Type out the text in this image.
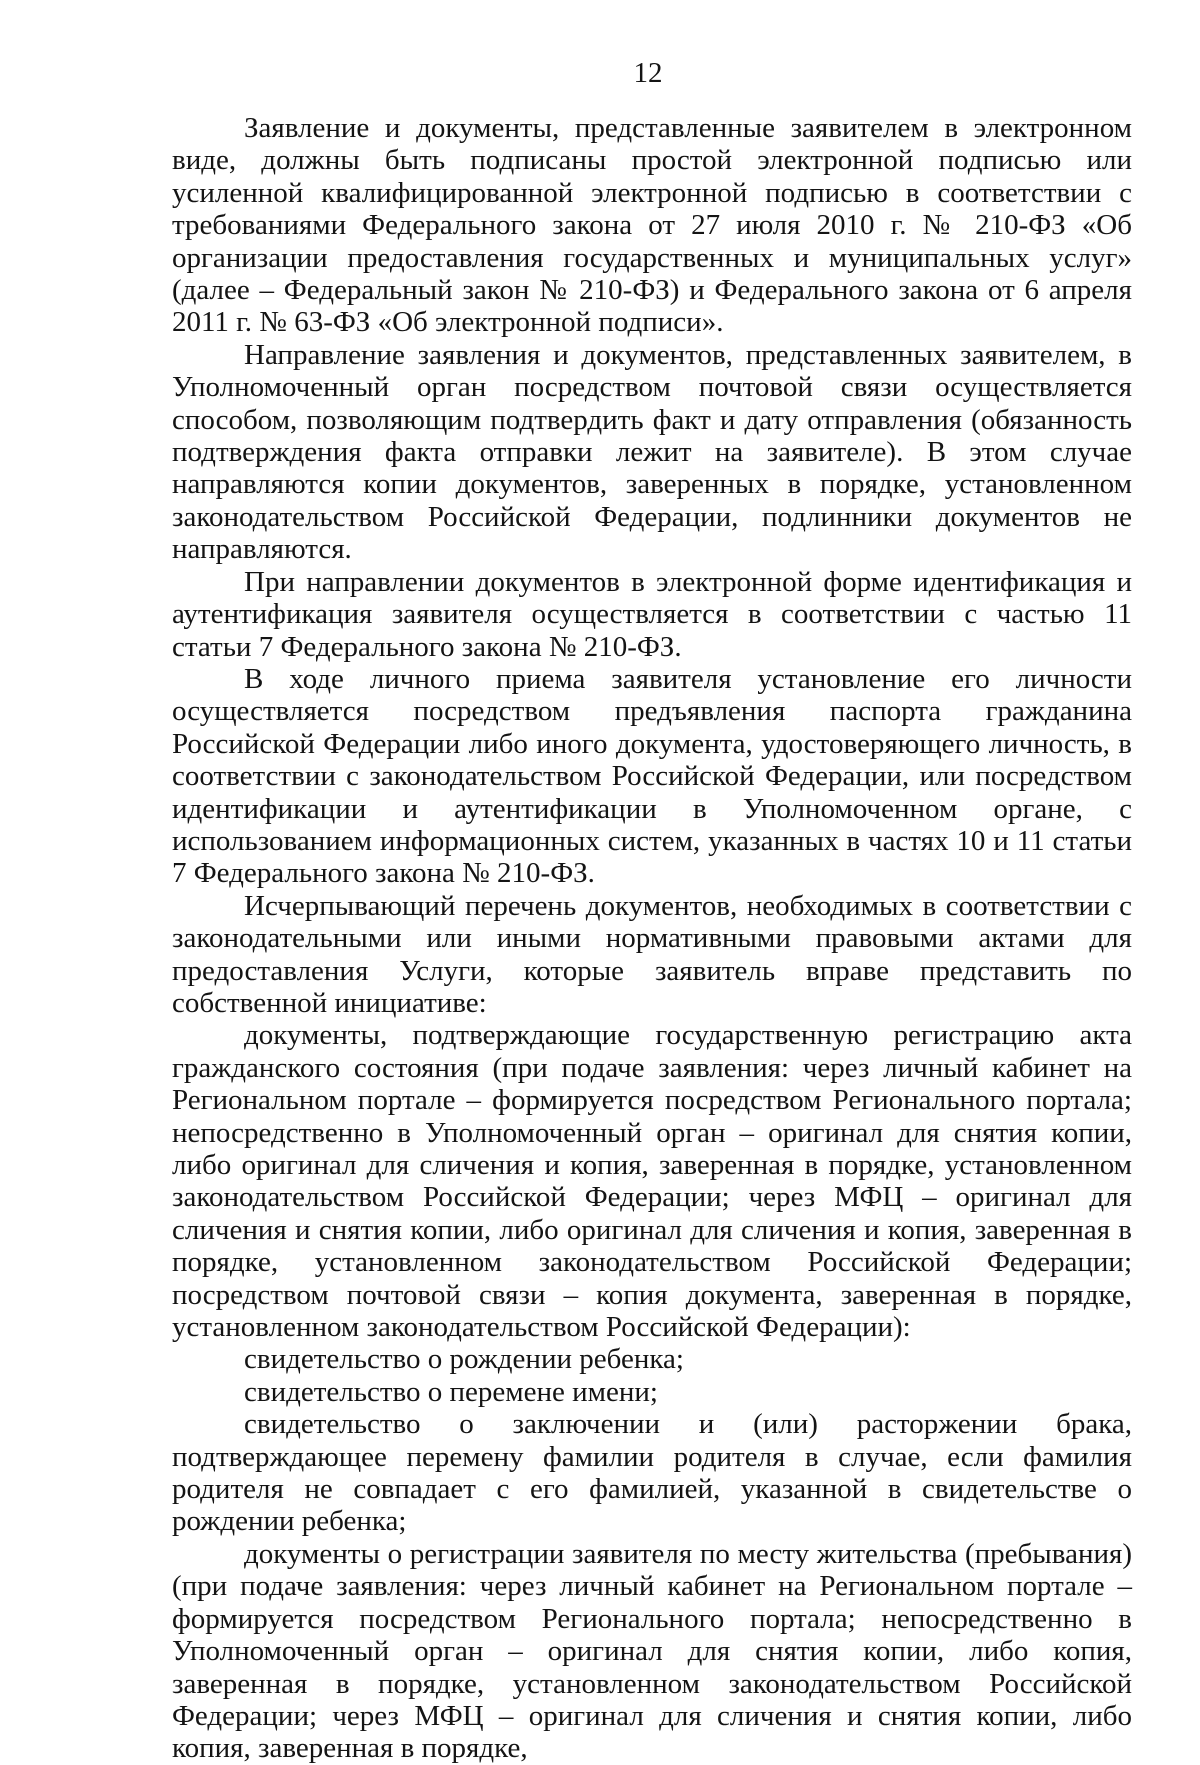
12

Заявление и документы, представленные заявителем в электронном виде, должны быть подписаны простой электронной подписью или усиленной квалифицированной электронной подписью в соответствии с требованиями Федерального закона от 27 июля 2010 г. № 210-ФЗ «Об организации предоставления государственных и муниципальных услуг» (далее – Федеральный закон № 210-ФЗ) и Федерального закона от 6 апреля 2011 г. № 63-ФЗ «Об электронной подписи».

Направление заявления и документов, представленных заявителем, в Уполномоченный орган посредством почтовой связи осуществляется способом, позволяющим подтвердить факт и дату отправления (обязанность подтверждения факта отправки лежит на заявителе). В этом случае направляются копии документов, заверенных в порядке, установленном законодательством Российской Федерации, подлинники документов не направляются.

При направлении документов в электронной форме идентификация и аутентификация заявителя осуществляется в соответствии с частью 11 статьи 7 Федерального закона № 210-ФЗ.

В ходе личного приема заявителя установление его личности осуществляется посредством предъявления паспорта гражданина Российской Федерации либо иного документа, удостоверяющего личность, в соответствии с законодательством Российской Федерации, или посредством идентификации и аутентификации в Уполномоченном органе, с использованием информационных систем, указанных в частях 10 и 11 статьи 7 Федерального закона № 210-ФЗ.

Исчерпывающий перечень документов, необходимых в соответствии с законодательными или иными нормативными правовыми актами для предоставления Услуги, которые заявитель вправе представить по собственной инициативе:

документы, подтверждающие государственную регистрацию акта гражданского состояния (при подаче заявления: через личный кабинет на Региональном портале – формируется посредством Регионального портала; непосредственно в Уполномоченный орган – оригинал для снятия копии, либо оригинал для сличения и копия, заверенная в порядке, установленном законодательством Российской Федерации; через МФЦ – оригинал для сличения и снятия копии, либо оригинал для сличения и копия, заверенная в порядке, установленном законодательством Российской Федерации; посредством почтовой связи – копия документа, заверенная в порядке, установленном законодательством Российской Федерации):

свидетельство о рождении ребенка;

свидетельство о перемене имени;

свидетельство о заключении и (или) расторжении брака, подтверждающее перемену фамилии родителя в случае, если фамилия родителя не совпадает с его фамилией, указанной в свидетельстве о рождении ребенка;

документы о регистрации заявителя по месту жительства (пребывания) (при подаче заявления: через личный кабинет на Региональном портале – формируется посредством Регионального портала; непосредственно в Уполномоченный орган – оригинал для снятия копии, либо копия, заверенная в порядке, установленном законодательством Российской Федерации; через МФЦ – оригинал для сличения и снятия копии, либо копия, заверенная в порядке,
